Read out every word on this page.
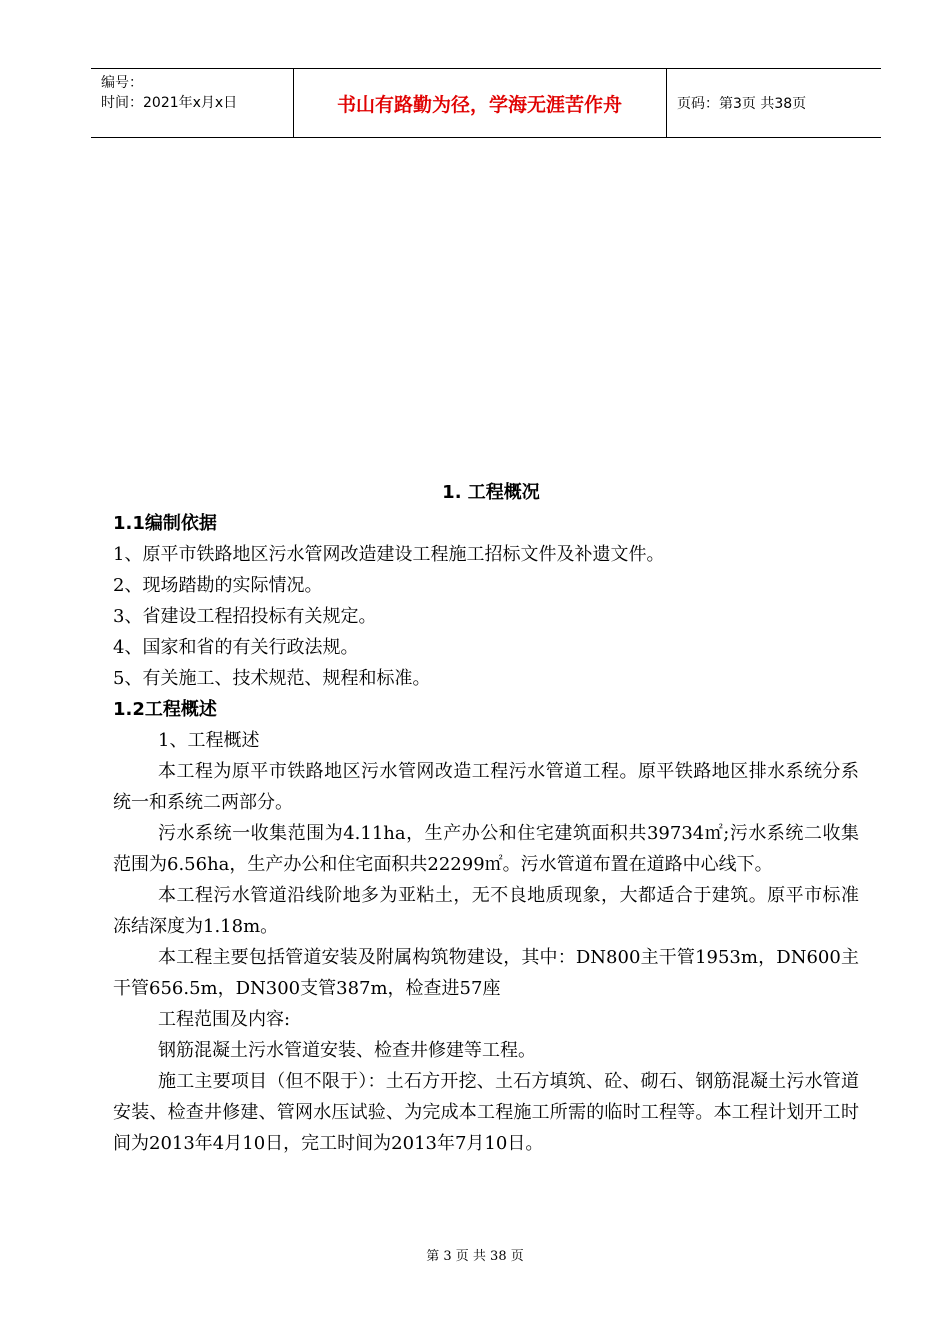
编号：
时间：2021年x月x日	书山有路勤为径，学海无涯苦作舟	页码：第3页 共38页
1. 工程概况
1.1编制依据
1、原平市铁路地区污水管网改造建设工程施工招标文件及补遗文件。
2、现场踏勘的实际情况。
3、省建设工程招投标有关规定。
4、国家和省的有关行政法规。
5、有关施工、技术规范、规程和标准。
1.2工程概述
1、工程概述

本工程为原平市铁路地区污水管网改造工程污水管道工程。原平铁路地区排水系统分系统一和系统二两部分。

污水系统一收集范围为4.11ha，生产办公和住宅建筑面积共39734㎡;污水系统二收集范围为6.56ha，生产办公和住宅面积共22299㎡。污水管道布置在道路中心线下。

本工程污水管道沿线阶地多为亚粘土，无不良地质现象，大都适合于建筑。原平市标准冻结深度为1.18m。

本工程主要包括管道安装及附属构筑物建设，其中：DN800主干管1953m，DN600主干管656.5m，DN300支管387m，检查进57座

工程范围及内容:

钢筋混凝土污水管道安装、检查井修建等工程。

施工主要项目（但不限于）：土石方开挖、土石方填筑、砼、砌石、钢筋混凝土污水管道安装、检查井修建、管网水压试验、为完成本工程施工所需的临时工程等。本工程计划开工时间为2013年4月10日，完工时间为2013年7月10日。

第 3 页 共 38 页
